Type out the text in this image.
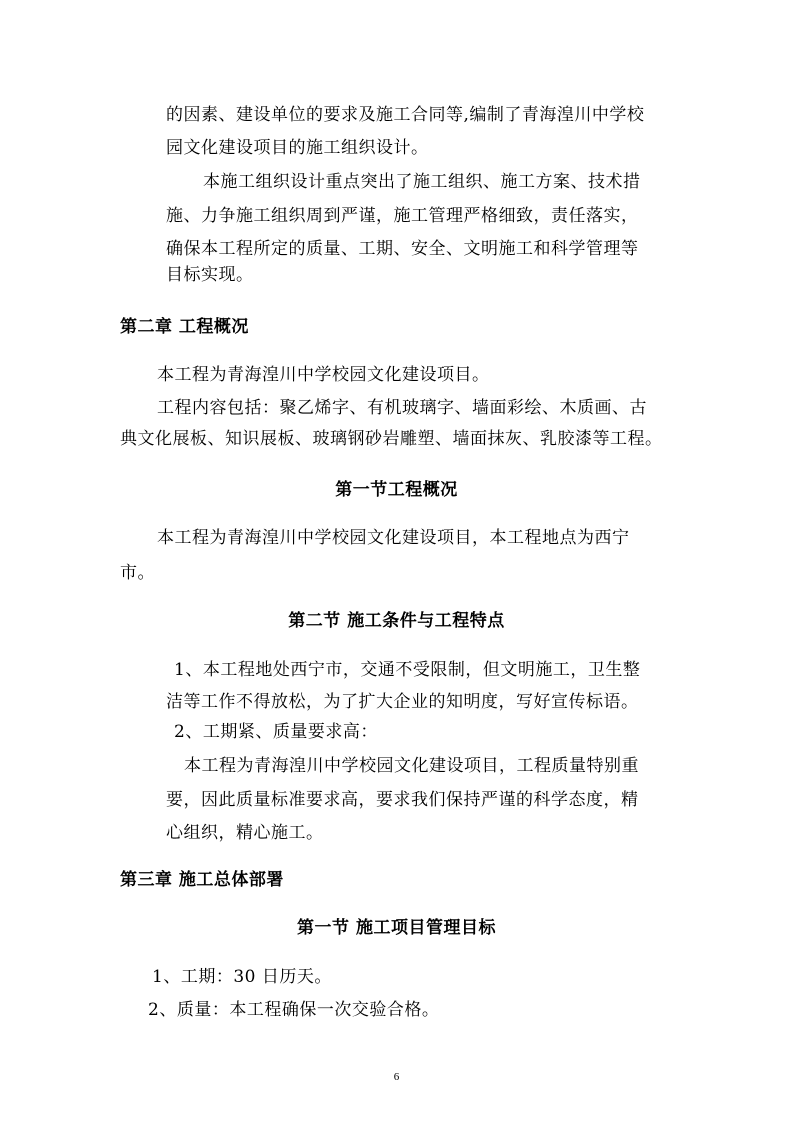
的因素、建设单位的要求及施工合同等,编制了青海湟川中学校
园文化建设项目的施工组织设计。
本施工组织设计重点突出了施工组织、施工方案、技术措
施、力争施工组织周到严谨，施工管理严格细致，责任落实，
确保本工程所定的质量、工期、安全、文明施工和科学管理等
目标实现。
第二章 工程概况
本工程为青海湟川中学校园文化建设项目。
工程内容包括：聚乙烯字、有机玻璃字、墙面彩绘、木质画、古
典文化展板、知识展板、玻璃钢砂岩雕塑、墙面抹灰、乳胶漆等工程。
第一节工程概况
本工程为青海湟川中学校园文化建设项目，本工程地点为西宁
市。
第二节 施工条件与工程特点
1、本工程地处西宁市，交通不受限制，但文明施工，卫生整
洁等工作不得放松，为了扩大企业的知明度，写好宣传标语。
2、工期紧、质量要求高：
本工程为青海湟川中学校园文化建设项目，工程质量特别重
要，因此质量标准要求高，要求我们保持严谨的科学态度，精
心组织，精心施工。
第三章 施工总体部署
第一节 施工项目管理目标
1、工期：30 日历天。
2、质量：本工程确保一次交验合格。
6
